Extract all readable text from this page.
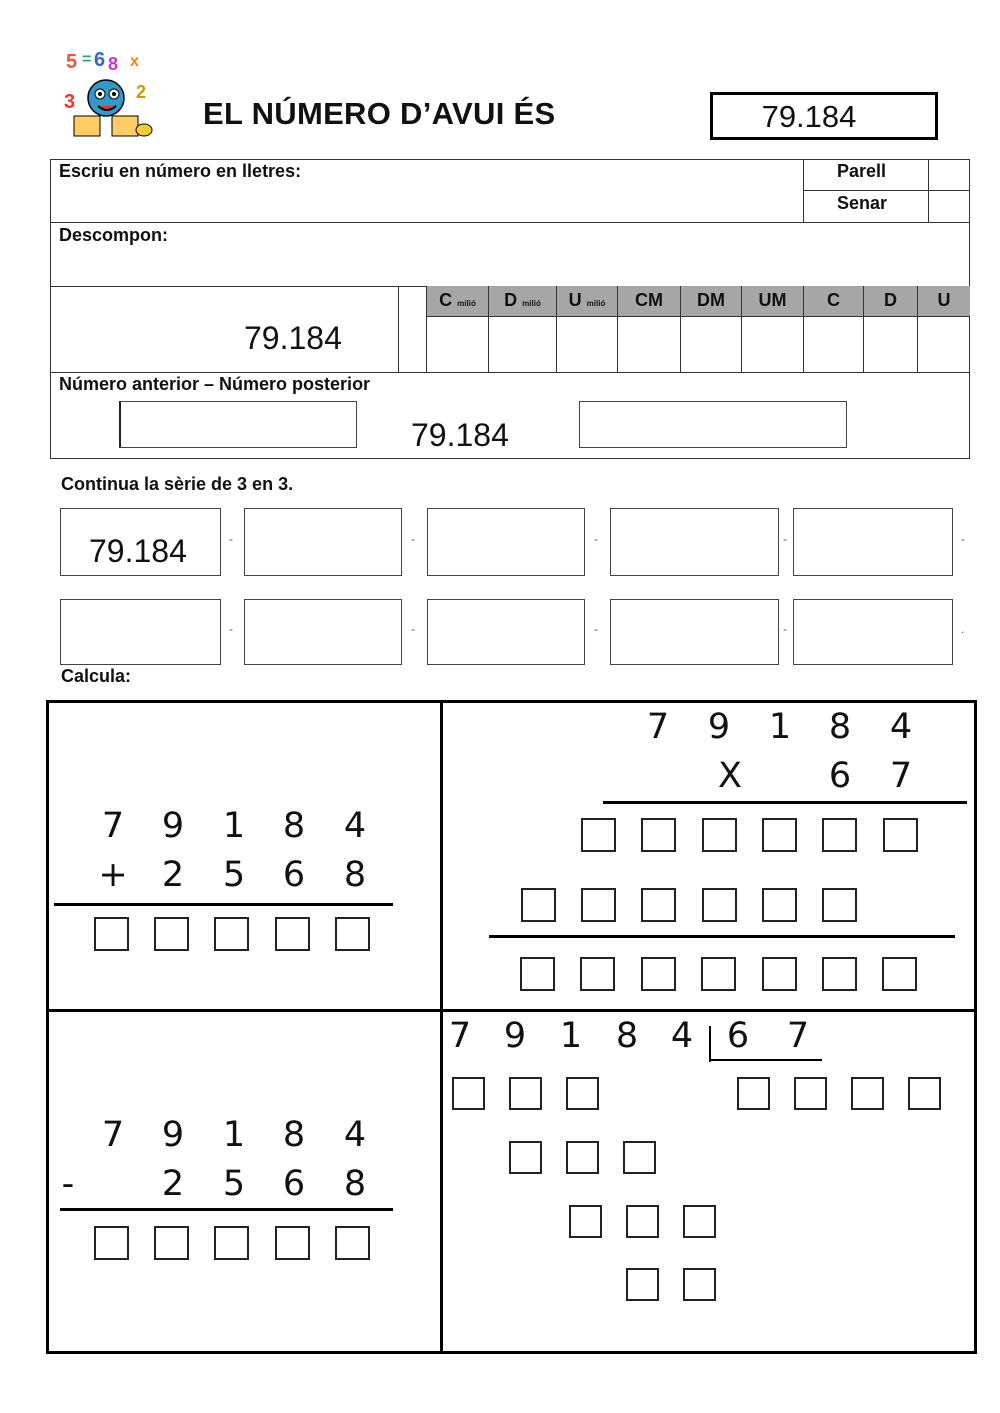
5 = 6 8 x
3	2
EL NÚMERO D’AVUI ÉS	79.184
Escriu en número en lletres:	Parell
Senar
Descompon:
79.184
C milió	D milió	U milió	CM	DM	UM	C	D	U
Número anterior – Número posterior
79.184
Continua la sèrie de 3 en 3.
79.184	-	-	-	-	-
-	-	-	-	.
Calcula:
7 9 1 8 4
+ 2 5 6 8
7 9 1 8 4
X 6 7
7 9 1 8 4
-	2 5 6 8
7 9 1 8 4 6 7
